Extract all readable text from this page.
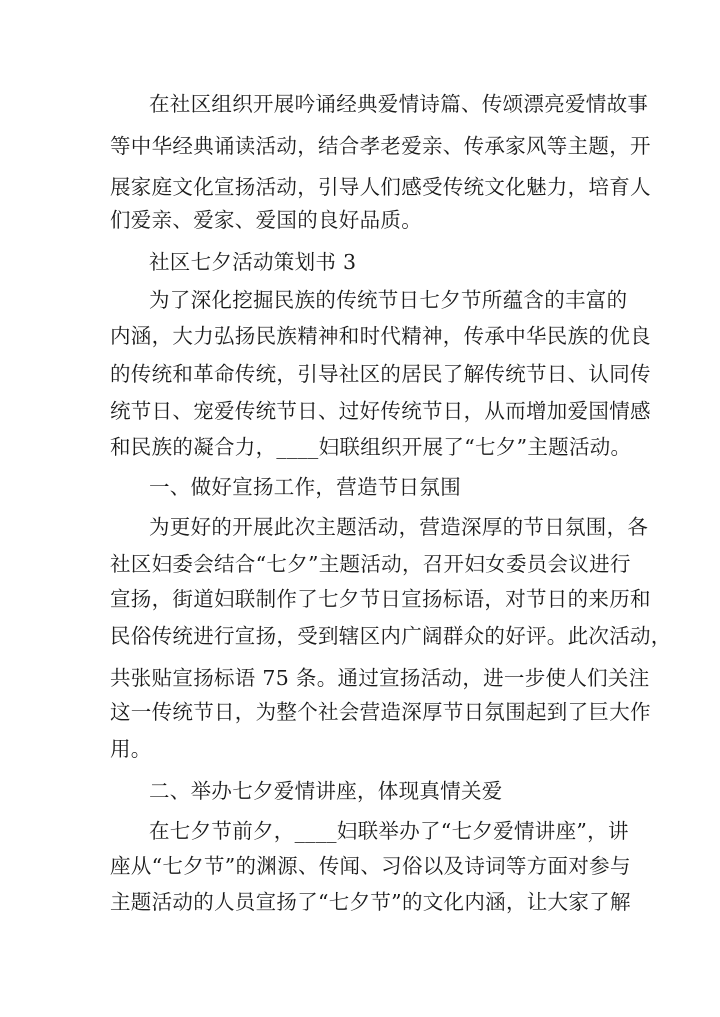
在社区组织开展吟诵经典爱情诗篇、传颂漂亮爱情故事
等中华经典诵读活动，结合孝老爱亲、传承家风等主题，开
展家庭文化宣扬活动，引导人们感受传统文化魅力，培育人
们爱亲、爱家、爱国的良好品质。
社区七夕活动策划书 3
为了深化挖掘民族的传统节日七夕节所蕴含的丰富的
内涵，大力弘扬民族精神和时代精神，传承中华民族的优良
的传统和革命传统，引导社区的居民了解传统节日、认同传
统节日、宠爱传统节日、过好传统节日，从而增加爱国情感
和民族的凝合力，____妇联组织开展了“七夕”主题活动。
一、做好宣扬工作，营造节日氛围
为更好的开展此次主题活动，营造深厚的节日氛围，各
社区妇委会结合“七夕”主题活动，召开妇女委员会议进行
宣扬，街道妇联制作了七夕节日宣扬标语，对节日的来历和
民俗传统进行宣扬，受到辖区内广阔群众的好评。此次活动，
共张贴宣扬标语 75 条。通过宣扬活动，进一步使人们关注
这一传统节日，为整个社会营造深厚节日氛围起到了巨大作
用。
二、举办七夕爱情讲座，体现真情关爱
在七夕节前夕，____妇联举办了“七夕爱情讲座”，讲
座从“七夕节”的渊源、传闻、习俗以及诗词等方面对参与
主题活动的人员宣扬了“七夕节”的文化内涵，让大家了解
